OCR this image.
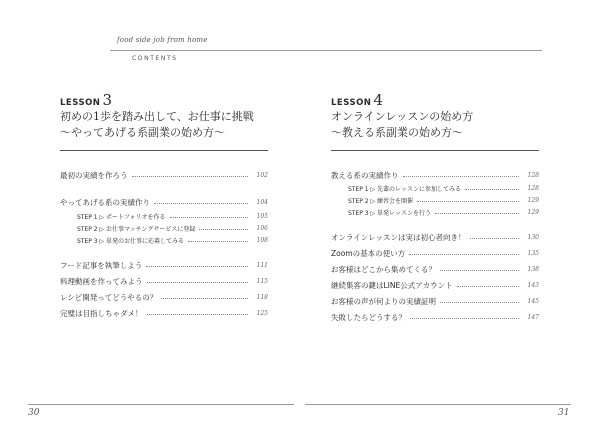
food side job from home
CONTENTS
LESSON 3
初めの1歩を踏み出して、お仕事に挑戦
～やってあげる系副業の始め方～
LESSON 4
オンラインレッスンの始め方
～教える系副業の始め方～
最初の実績を作ろう	102
やってあげる系の実績作り	104
STEP 1 ▷ ポートフォリオを作る	105
STEP 2 ▷ お仕事マッチングサービスに登録	106
STEP 3 ▷ 単発のお仕事に応募してみる	108
フード記事を執筆しよう	111
料理動画を作ってみよう	115
レシピ開発ってどうやるの？	118
完璧は目指しちゃダメ！	125
教える系の実績作り	128
STEP 1 ▷ 先輩のレッスンに参加してみる	128
STEP 2 ▷ 練習会を開催	129
STEP 3 ▷ 単発レッスンを行う	129
オンラインレッスンは実は初心者向き！	130
Zoomの基本の使い方	135
お客様はどこから集めてくる？	138
継続集客の鍵はLINE公式アカウント	143
お客様の声が何よりの実績証明	145
失敗したらどうする？	147
30	31
